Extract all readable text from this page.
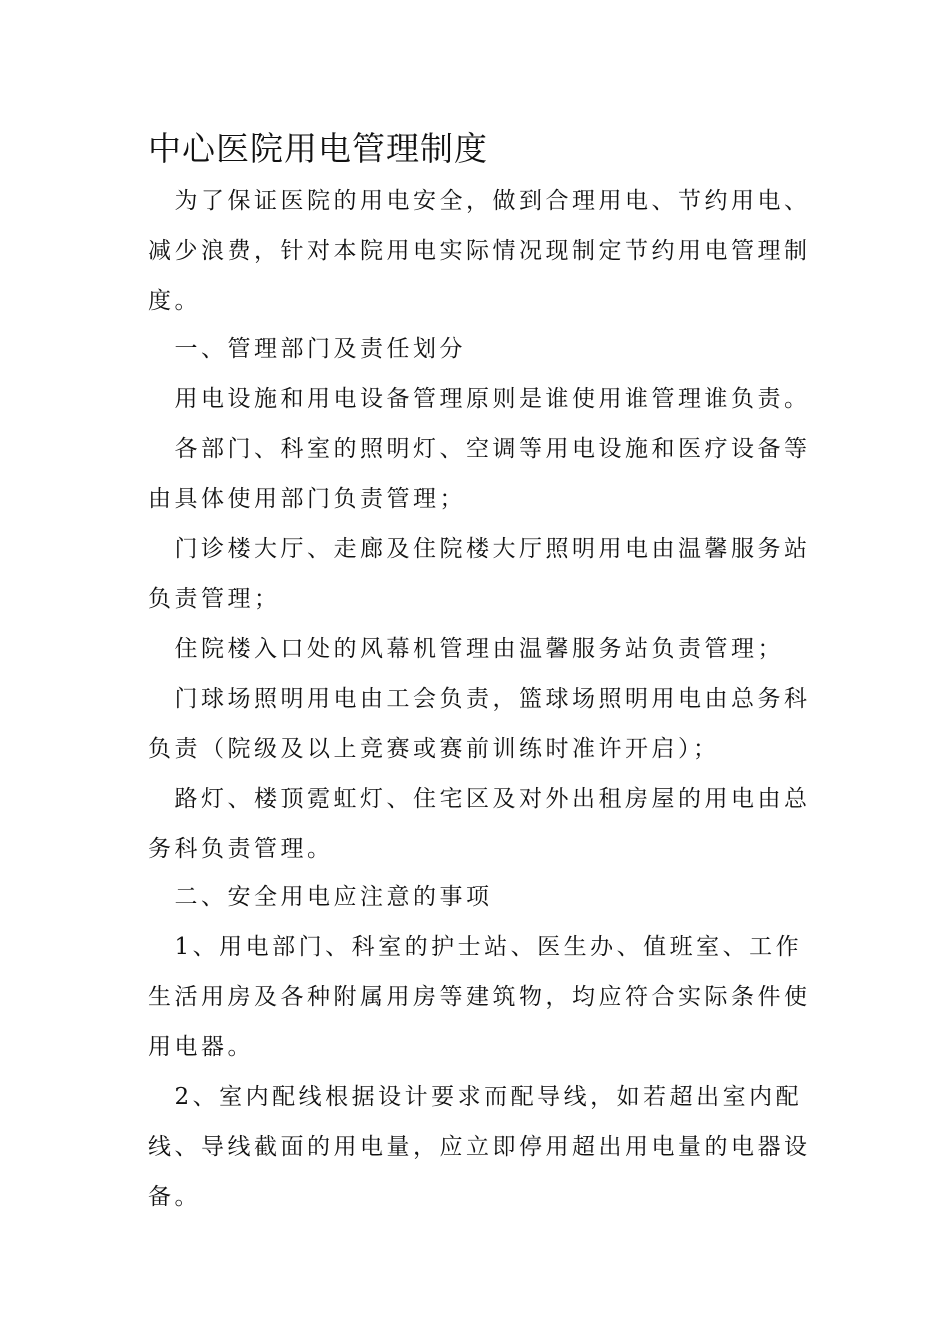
中心医院用电管理制度

　为了保证医院的用电安全，做到合理用电、节约用电、
减少浪费，针对本院用电实际情况现制定节约用电管理制
度。

　一、管理部门及责任划分

　用电设施和用电设备管理原则是谁使用谁管理谁负责。

　各部门、科室的照明灯、空调等用电设施和医疗设备等
由具体使用部门负责管理；

　门诊楼大厅、走廊及住院楼大厅照明用电由温馨服务站
负责管理；

　住院楼入口处的风幕机管理由温馨服务站负责管理；

　门球场照明用电由工会负责，篮球场照明用电由总务科
负责（院级及以上竞赛或赛前训练时准许开启）；

　路灯、楼顶霓虹灯、住宅区及对外出租房屋的用电由总
务科负责管理。

　二、安全用电应注意的事项

　1、用电部门、科室的护士站、医生办、值班室、工作
生活用房及各种附属用房等建筑物，均应符合实际条件使
用电器。

　2、室内配线根据设计要求而配导线，如若超出室内配
线、导线截面的用电量，应立即停用超出用电量的电器设
备。
